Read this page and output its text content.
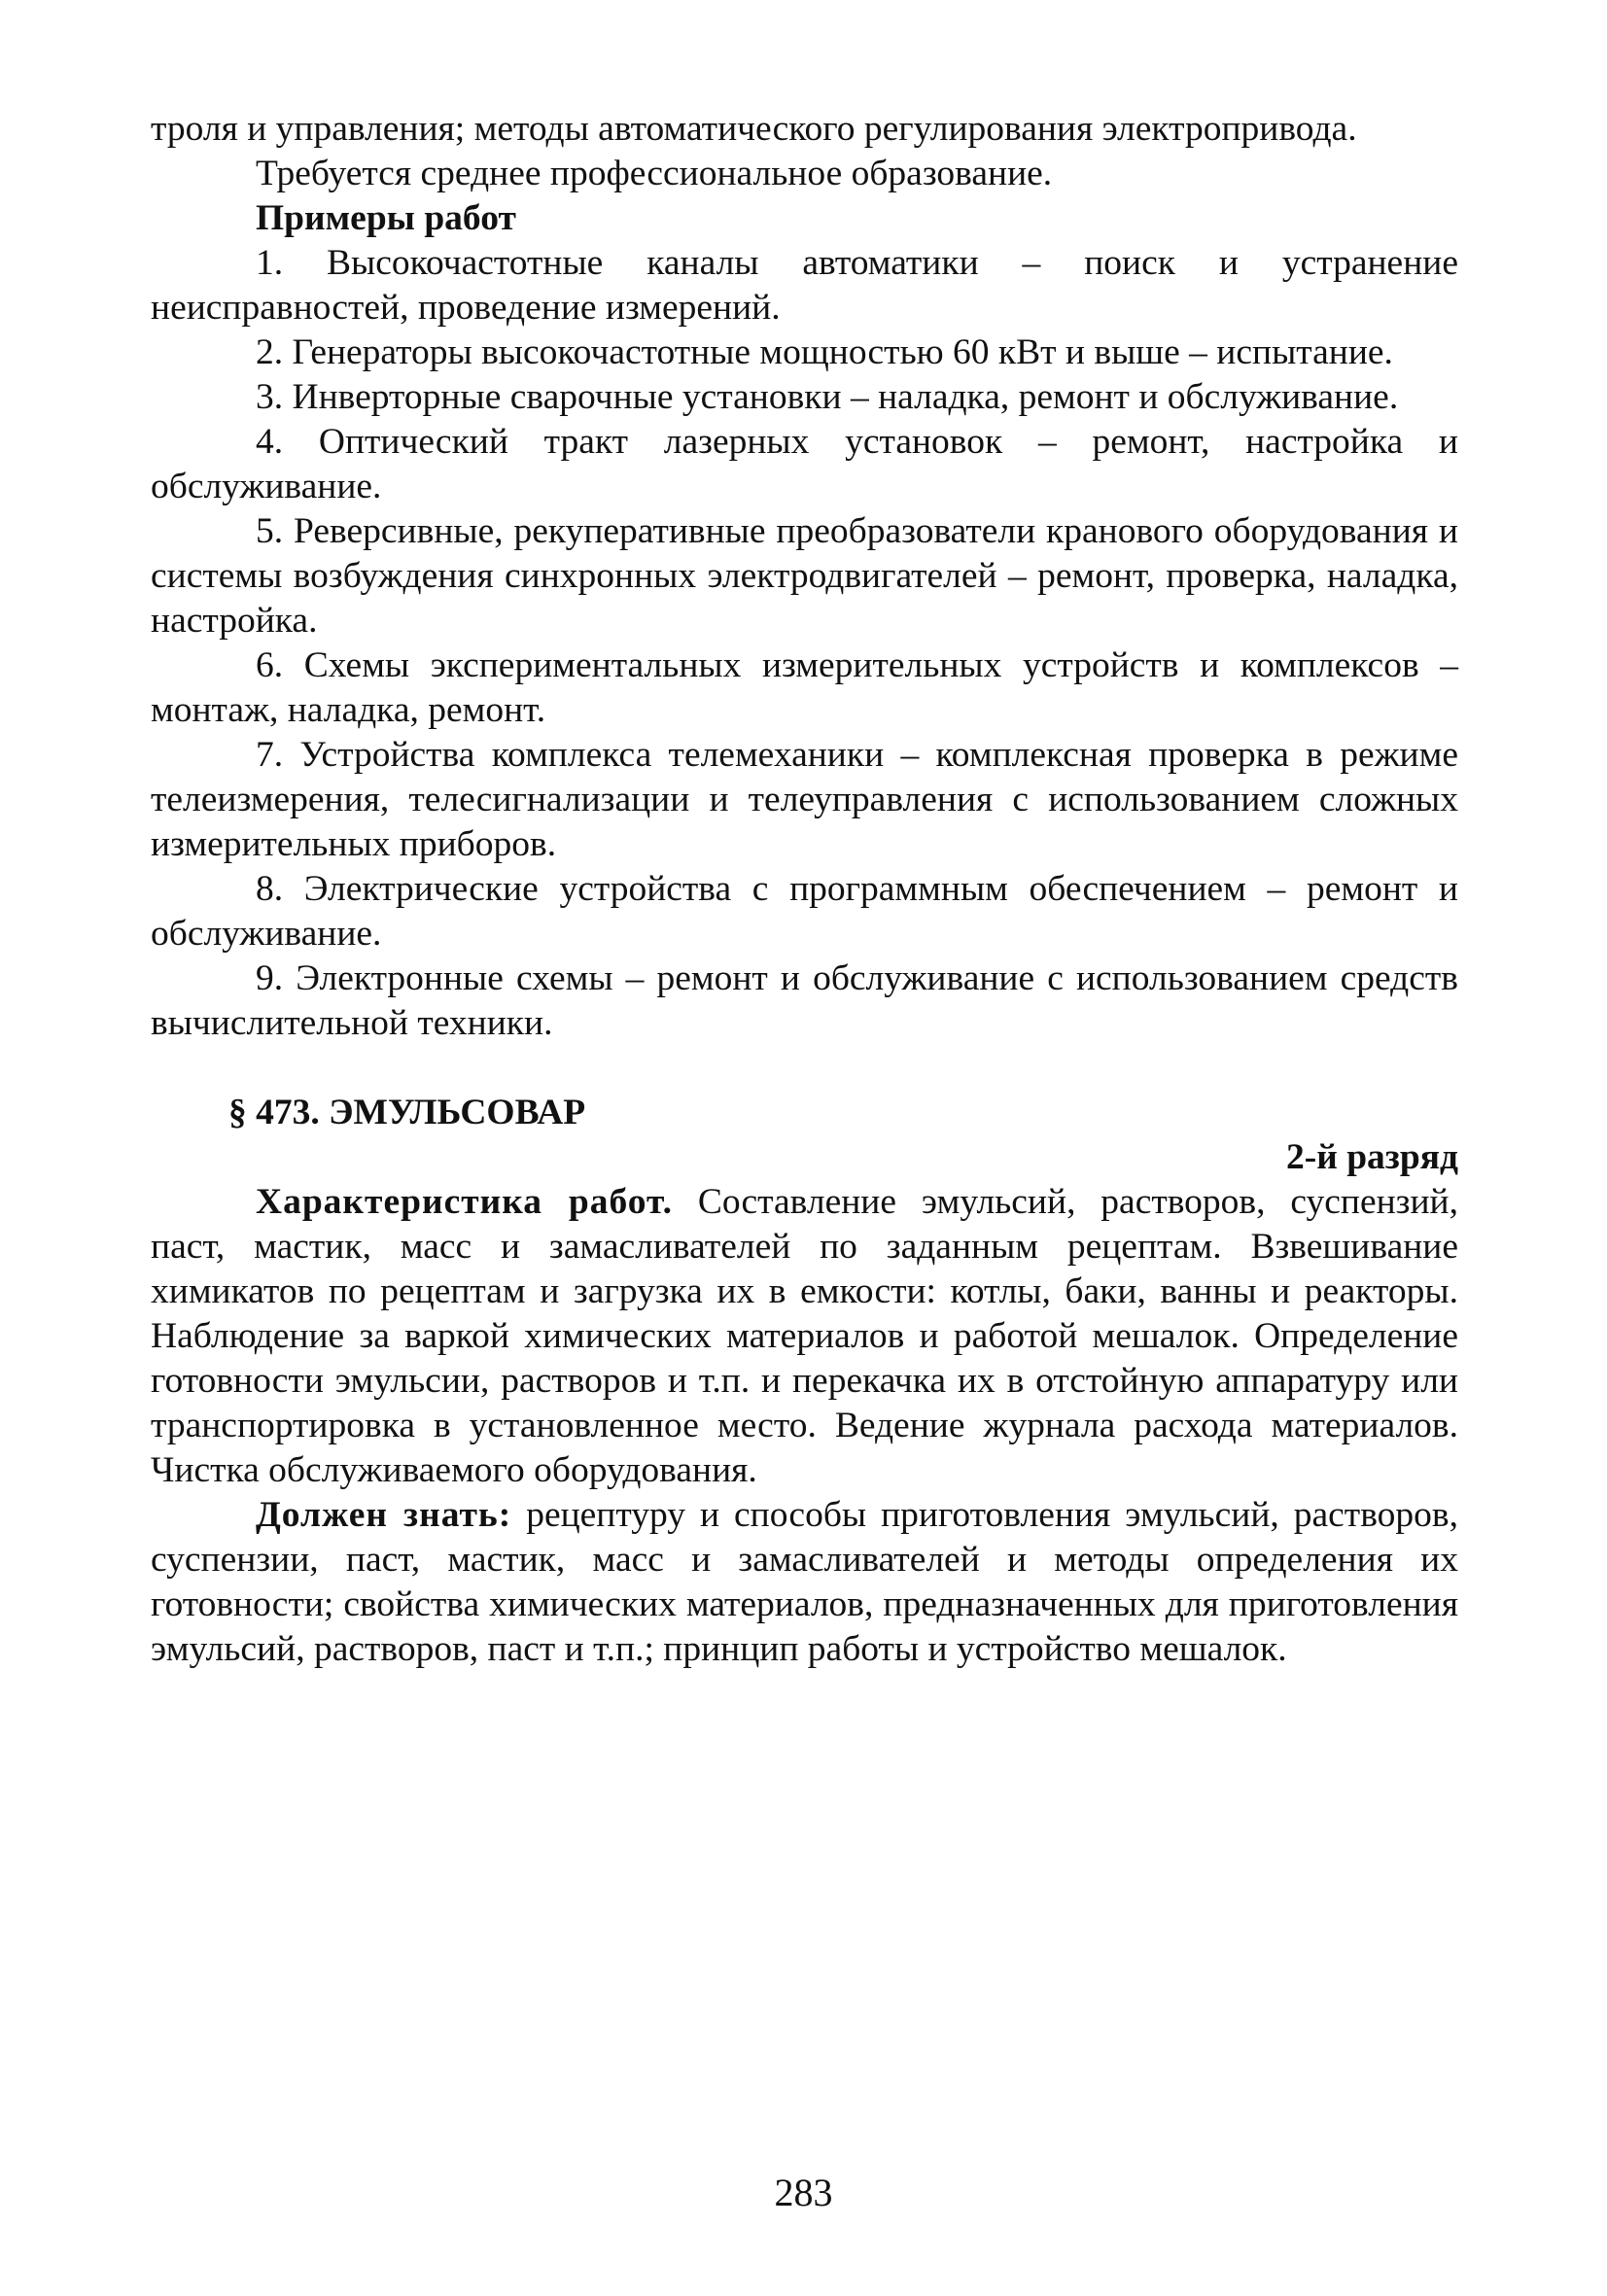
троля и управления; методы автоматического регулирования электропривода.

Требуется среднее профессиональное образование.

Примеры работ

1. Высокочастотные каналы автоматики – поиск и устранение неисправностей, проведение измерений.

2. Генераторы высокочастотные мощностью 60 кВт и выше – испытание.

3. Инверторные сварочные установки – наладка, ремонт и обслуживание.

4. Оптический тракт лазерных установок – ремонт, настройка и обслуживание.

5. Реверсивные, рекуперативные преобразователи кранового оборудования и системы возбуждения синхронных электродвигателей – ремонт, проверка, наладка, настройка.

6. Схемы экспериментальных измерительных устройств и комплексов – монтаж, наладка, ремонт.

7. Устройства комплекса телемеханики – комплексная проверка в режиме телеизмерения, телесигнализации и телеуправления с использованием сложных измерительных приборов.

8. Электрические устройства с программным обеспечением – ремонт и обслуживание.

9. Электронные схемы – ремонт и обслуживание с использованием средств вычислительной техники.

§ 473. ЭМУЛЬСОВАР

2-й разряд

Характеристика работ. Составление эмульсий, растворов, суспензий, паст, мастик, масс и замасливателей по заданным рецептам. Взвешивание химикатов по рецептам и загрузка их в емкости: котлы, баки, ванны и реакторы. Наблюдение за варкой химических материалов и работой мешалок. Определение готовности эмульсии, растворов и т.п. и перекачка их в отстойную аппаратуру или транспортировка в установленное место. Ведение журнала расхода материалов. Чистка обслуживаемого оборудования.

Должен знать: рецептуру и способы приготовления эмульсий, растворов, суспензии, паст, мастик, масс и замасливателей и методы определения их готовности; свойства химических материалов, предназначенных для приготовления эмульсий, растворов, паст и т.п.; принцип работы и устройство мешалок.

283
